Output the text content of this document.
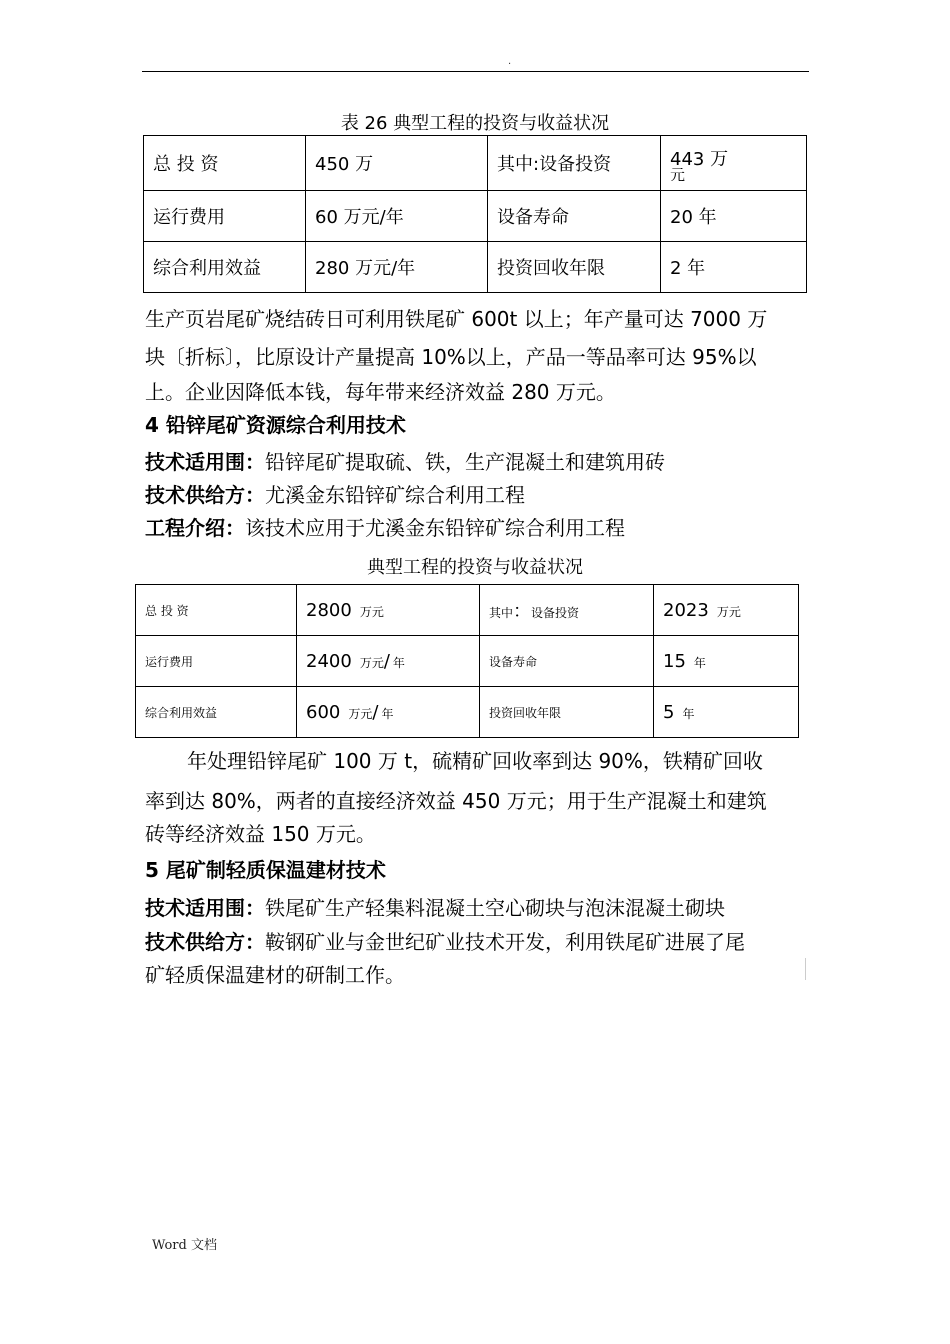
.
表 26 典型工程的投资与收益状况
总 投 资	450 万	其中:设备投资	443 万
元

运行费用	60 万元/年	设备寿命	20 年
综合利用效益	280 万元/年	投资回收年限	2 年
生产页岩尾矿烧结砖日可利用铁尾矿 600t 以上；年产量可达 7000 万
块〔折标〕，比原设计产量提高 10%以上，产品一等品率可达 95%以
上。企业因降低本钱，每年带来经济效益 280 万元。
4 铅锌尾矿资源综合利用技术
技术适用围：铅锌尾矿提取硫、铁，生产混凝土和建筑用砖
技术供给方：尤溪金东铅锌矿综合利用工程
工程介绍：该技术应用于尤溪金东铅锌矿综合利用工程
典型工程的投资与收益状况
总 投 资	2800 万元	其中：设备投资	2023 万元
运行费用	2400 万元/ 年	设备寿命	15 年
综合利用效益	600 万元/ 年	投资回收年限	5 年
年处理铅锌尾矿 100 万 t，硫精矿回收率到达 90%，铁精矿回收
率到达 80%，两者的直接经济效益 450 万元；用于生产混凝土和建筑
砖等经济效益 150 万元。
5 尾矿制轻质保温建材技术
技术适用围：铁尾矿生产轻集料混凝土空心砌块与泡沫混凝土砌块
技术供给方：鞍钢矿业与金世纪矿业技术开发，利用铁尾矿进展了尾
矿轻质保温建材的研制工作。
Word 文档
